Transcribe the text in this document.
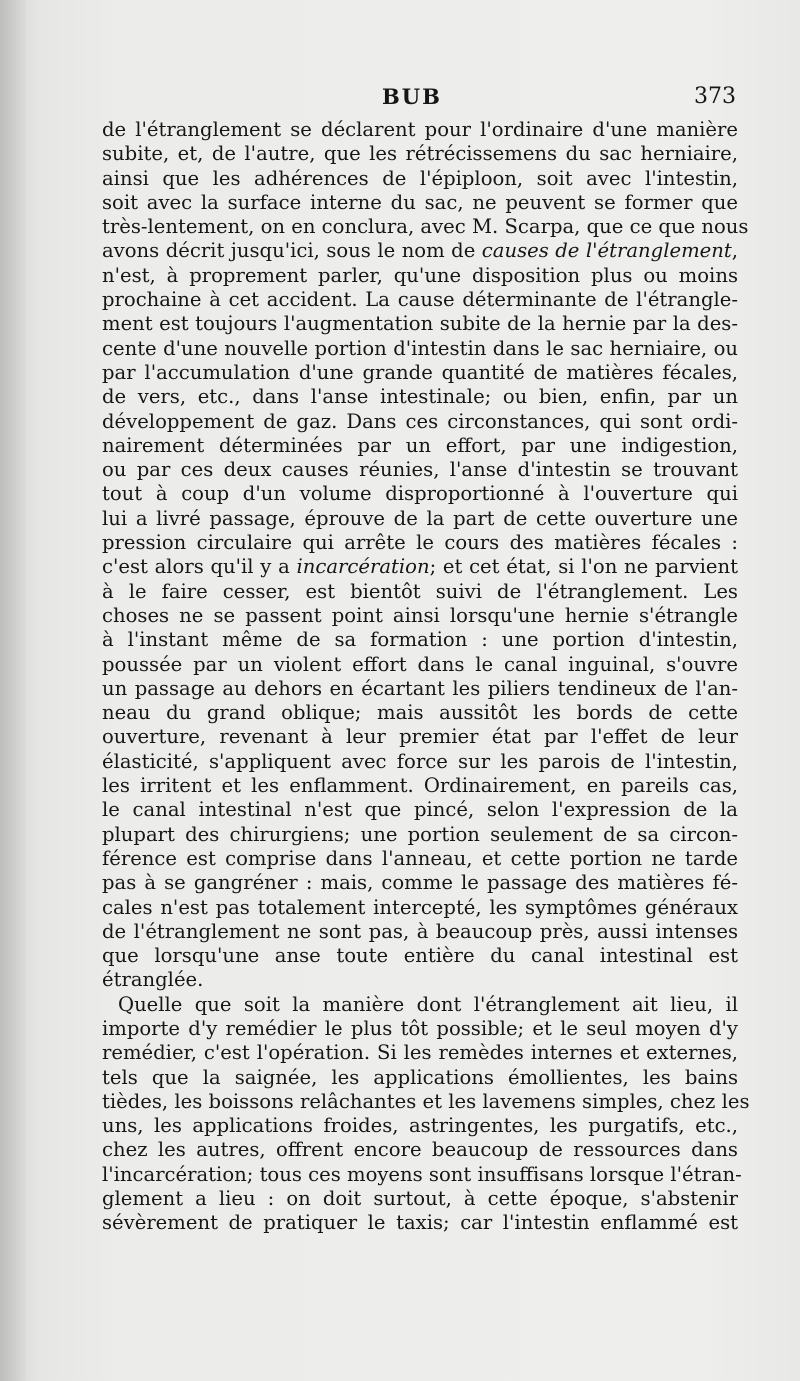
BUB	373
de l'étranglement se déclarent pour l'ordinaire d'une manière
subite, et, de l'autre, que les rétrécissemens du sac herniaire,
ainsi que les adhérences de l'épiploon, soit avec l'intestin,
soit avec la surface interne du sac, ne peuvent se former que
très-lentement, on en conclura, avec M. Scarpa, que ce que nous
avons décrit jusqu'ici, sous le nom de causes de l'étranglement,
n'est, à proprement parler, qu'une disposition plus ou moins
prochaine à cet accident. La cause déterminante de l'étrangle-
ment est toujours l'augmentation subite de la hernie par la des-
cente d'une nouvelle portion d'intestin dans le sac herniaire, ou
par l'accumulation d'une grande quantité de matières fécales,
de vers, etc., dans l'anse intestinale; ou bien, enfin, par un
développement de gaz. Dans ces circonstances, qui sont ordi-
nairement déterminées par un effort, par une indigestion,
ou par ces deux causes réunies, l'anse d'intestin se trouvant
tout à coup d'un volume disproportionné à l'ouverture qui
lui a livré passage, éprouve de la part de cette ouverture une
pression circulaire qui arrête le cours des matières fécales :
c'est alors qu'il y a incarcération; et cet état, si l'on ne parvient
à le faire cesser, est bientôt suivi de l'étranglement. Les
choses ne se passent point ainsi lorsqu'une hernie s'étrangle
à l'instant même de sa formation : une portion d'intestin,
poussée par un violent effort dans le canal inguinal, s'ouvre
un passage au dehors en écartant les piliers tendineux de l'an-
neau du grand oblique; mais aussitôt les bords de cette
ouverture, revenant à leur premier état par l'effet de leur
élasticité, s'appliquent avec force sur les parois de l'intestin,
les irritent et les enflamment. Ordinairement, en pareils cas,
le canal intestinal n'est que pincé, selon l'expression de la
plupart des chirurgiens; une portion seulement de sa circon-
férence est comprise dans l'anneau, et cette portion ne tarde
pas à se gangréner : mais, comme le passage des matières fé-
cales n'est pas totalement intercepté, les symptômes généraux
de l'étranglement ne sont pas, à beaucoup près, aussi intenses
que lorsqu'une anse toute entière du canal intestinal est
étranglée.
Quelle que soit la manière dont l'étranglement ait lieu, il
importe d'y remédier le plus tôt possible; et le seul moyen d'y
remédier, c'est l'opération. Si les remèdes internes et externes,
tels que la saignée, les applications émollientes, les bains
tièdes, les boissons relâchantes et les lavemens simples, chez les
uns, les applications froides, astringentes, les purgatifs, etc.,
chez les autres, offrent encore beaucoup de ressources dans
l'incarcération; tous ces moyens sont insuffisans lorsque l'étran-
glement a lieu : on doit surtout, à cette époque, s'abstenir
sévèrement de pratiquer le taxis; car l'intestin enflammé est
